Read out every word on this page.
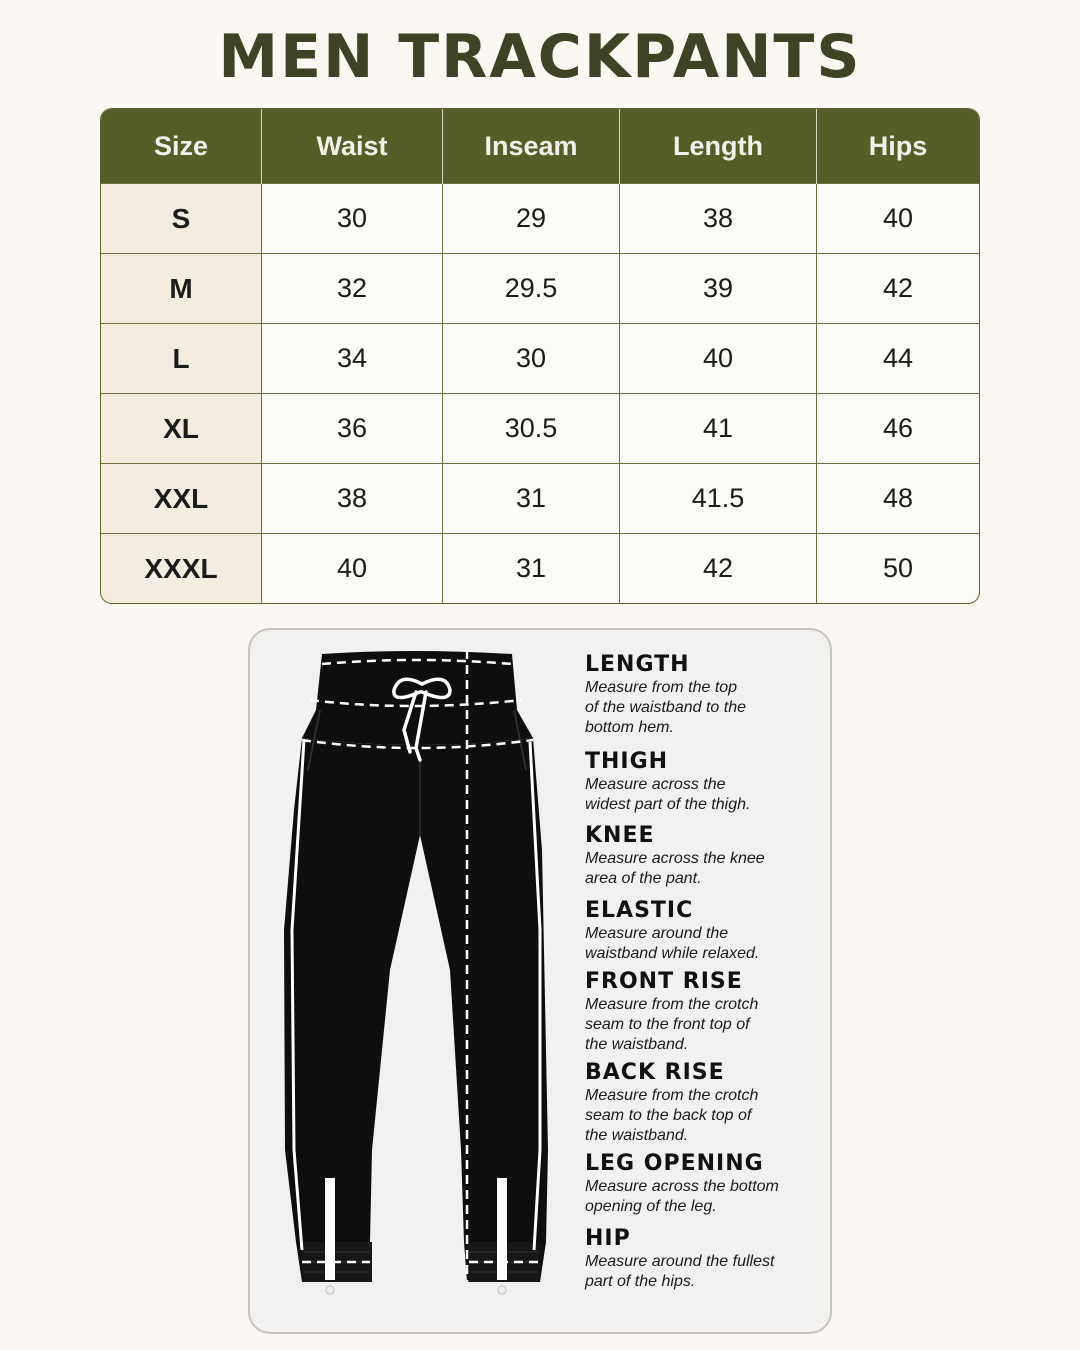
MEN TRACKPANTS
Size	Waist	Inseam	Length	Hips
S	30	29	38	40
M	32	29.5	39	42
L	34	30	40	44
XL	36	30.5	41	46
XXL	38	31	41.5	48
XXXL	40	31	42	50
LENGTH
Measure from the top
of the waistband to the
bottom hem.
THIGH
Measure across the
widest part of the thigh.
KNEE
Measure across the knee
area of the pant.
ELASTIC
Measure around the
waistband while relaxed.
FRONT RISE
Measure from the crotch
seam to the front top of
the waistband.
BACK RISE
Measure from the crotch
seam to the back top of
the waistband.
LEG OPENING
Measure across the bottom
opening of the leg.
HIP
Measure around the fullest
part of the hips.
